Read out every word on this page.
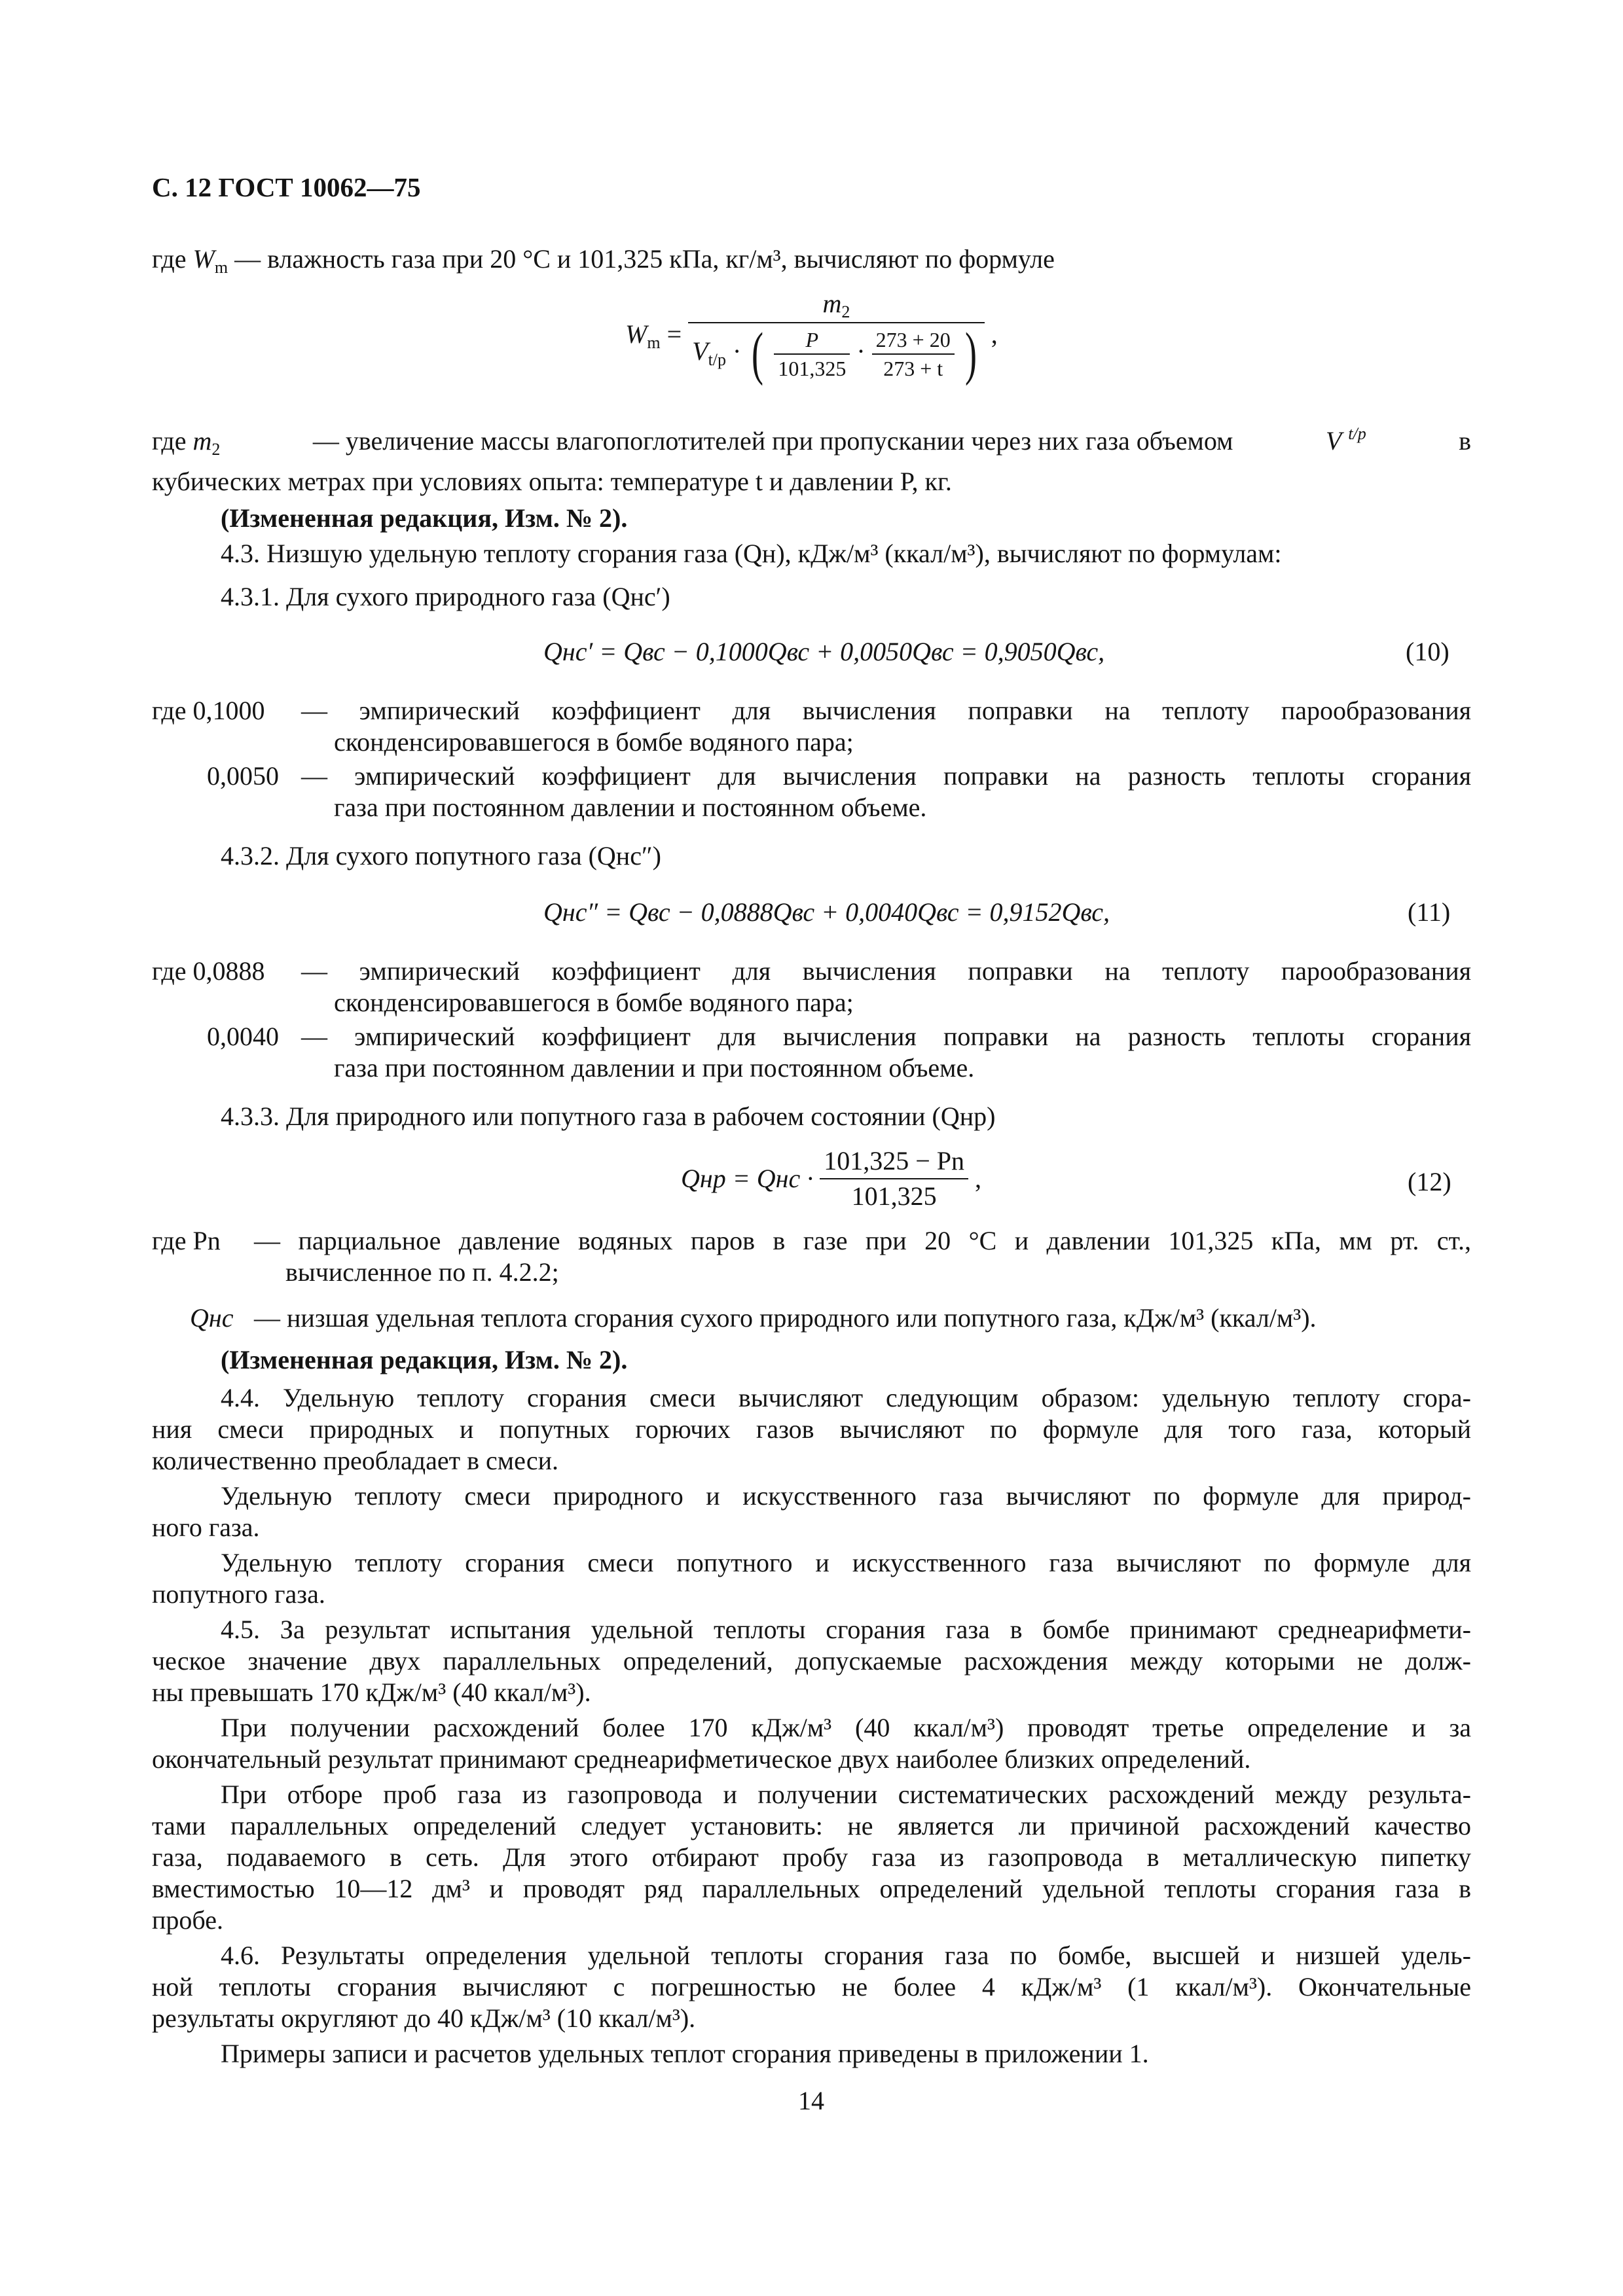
С. 12 ГОСТ 10062—75
где $W_m$ — влажность газа при 20 °С и 101,325 кПа, кг/м³, вычисляют по формуле
$W_m$ =
$m_2$
$V_{t/p}$ · ( $\frac{P}{101,325} \cdot \frac{273 + 20}{273 + t}$ ) ,
где $m_2$	— увеличение массы влагопоглотителей при пропускании через них газа объемом	V $^{t/p}$	в
кубических метрах при условиях опыта: температуре t и давлении P, кг.
(Измененная редакция, Изм. № 2).
4.3. Низшую удельную теплоту сгорания газа (Qн), кДж/м³ (ккал/м³), вычисляют по формулам:
4.3.1. Для сухого природного газа (Qнс′)
Qнс′ = Qвс − 0,1000Qвс + 0,0050Qвс = 0,9050Qвс,	(10)
где 0,1000 — эмпирический коэффициент для вычисления поправки на теплоту парообразования
сконденсировавшегося в бомбе водяного пара;
0,0050 — эмпирический коэффициент для вычисления поправки на разность теплоты сгорания
газа при постоянном давлении и постоянном объеме.
4.3.2. Для сухого попутного газа (Qнс″)
Qнс″ = Qвс − 0,0888Qвс + 0,0040Qвс = 0,9152Qвс,	(11)
где 0,0888 — эмпирический коэффициент для вычисления поправки на теплоту парообразования
сконденсировавшегося в бомбе водяного пара;
0,0040 — эмпирический коэффициент для вычисления поправки на разность теплоты сгорания
газа при постоянном давлении и при постоянном объеме.
4.3.3. Для природного или попутного газа в рабочем состоянии (Qнр)
Qнр = Qнс · $\frac{101,325 - Pn}{101,325}$ ,	(12)
где Pn — парциальное давление водяных паров в газе при 20 °С и давлении 101,325 кПа, мм рт. ст.,
вычисленное по п. 4.2.2;
Qнс — низшая удельная теплота сгорания сухого природного или попутного газа, кДж/м³ (ккал/м³).
(Измененная редакция, Изм. № 2).
4.4. Удельную теплоту сгорания смеси вычисляют следующим образом: удельную теплоту сгора-
ния смеси природных и попутных горючих газов вычисляют по формуле для того газа, который
количественно преобладает в смеси.
Удельную теплоту смеси природного и искусственного газа вычисляют по формуле для природ-
ного газа.
Удельную теплоту сгорания смеси попутного и искусственного газа вычисляют по формуле для
попутного газа.
4.5. За результат испытания удельной теплоты сгорания газа в бомбе принимают среднеарифмети-
ческое значение двух параллельных определений, допускаемые расхождения между которыми не долж-
ны превышать 170 кДж/м³ (40 ккал/м³).
При получении расхождений более 170 кДж/м³ (40 ккал/м³) проводят третье определение и за
окончательный результат принимают среднеарифметическое двух наиболее близких определений.
При отборе проб газа из газопровода и получении систематических расхождений между результа-
тами параллельных определений следует установить: не является ли причиной расхождений качество
газа, подаваемого в сеть. Для этого отбирают пробу газа из газопровода в металлическую пипетку
вместимостью 10—12 дм³ и проводят ряд параллельных определений удельной теплоты сгорания газа в
пробе.
4.6. Результаты определения удельной теплоты сгорания газа по бомбе, высшей и низшей удель-
ной теплоты сгорания вычисляют с погрешностью не более 4 кДж/м³ (1 ккал/м³). Окончательные
результаты округляют до 40 кДж/м³ (10 ккал/м³).
Примеры записи и расчетов удельных теплот сгорания приведены в приложении 1.
14
